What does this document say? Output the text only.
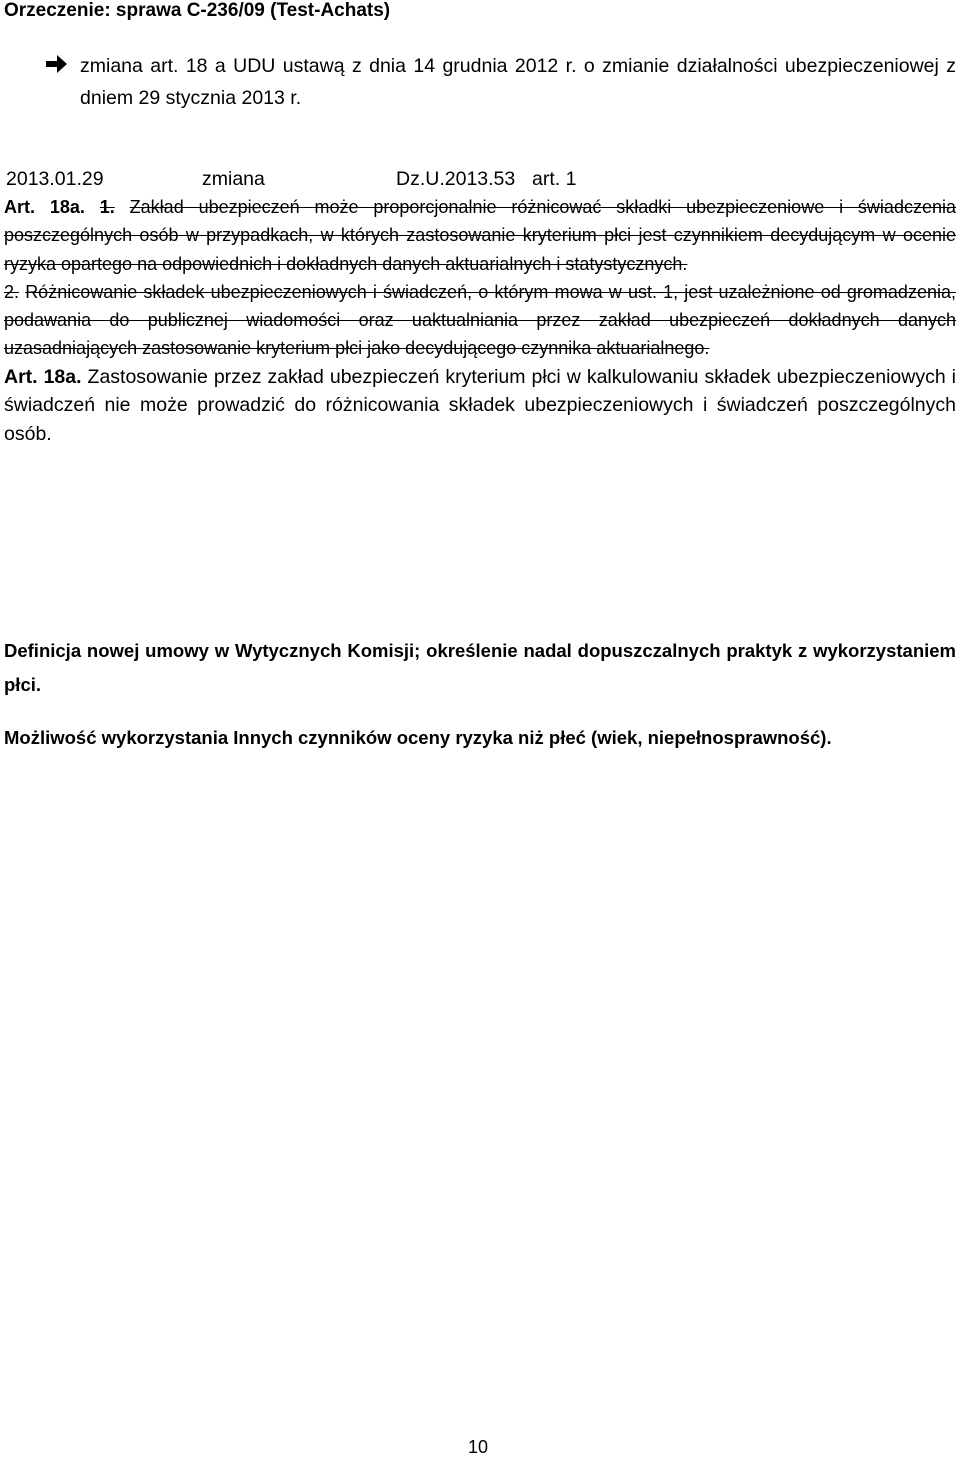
Orzeczenie: sprawa C-236/09 (Test-Achats)
zmiana art. 18 a UDU ustawą z dnia 14 grudnia 2012 r. o zmianie działalności ubezpieczeniowej z dniem 29 stycznia 2013 r.
2013.01.29	zmiana	Dz.U.2013.53 art. 1

Art. 18a. 1. Zakład ubezpieczeń może proporcjonalnie różnicować składki ubezpieczeniowe i świadczenia poszczególnych osób w przypadkach, w których zastosowanie kryterium płci jest czynnikiem decydującym w ocenie ryzyka opartego na odpowiednich i dokładnych danych aktuarialnych i statystycznych.

2. Różnicowanie składek ubezpieczeniowych i świadczeń, o którym mowa w ust. 1, jest uzależnione od gromadzenia, podawania do publicznej wiadomości oraz uaktualniania przez zakład ubezpieczeń dokładnych danych uzasadniających zastosowanie kryterium płci jako decydującego czynnika aktuarialnego.

Art. 18a. Zastosowanie przez zakład ubezpieczeń kryterium płci w kalkulowaniu składek ubezpieczeniowych i świadczeń nie może prowadzić do różnicowania składek ubezpieczeniowych i świadczeń poszczególnych osób.

Definicja nowej umowy w Wytycznych Komisji; określenie nadal dopuszczalnych praktyk z wykorzystaniem płci.
Możliwość wykorzystania Innych czynników oceny ryzyka niż płeć (wiek, niepełnosprawność).
10
